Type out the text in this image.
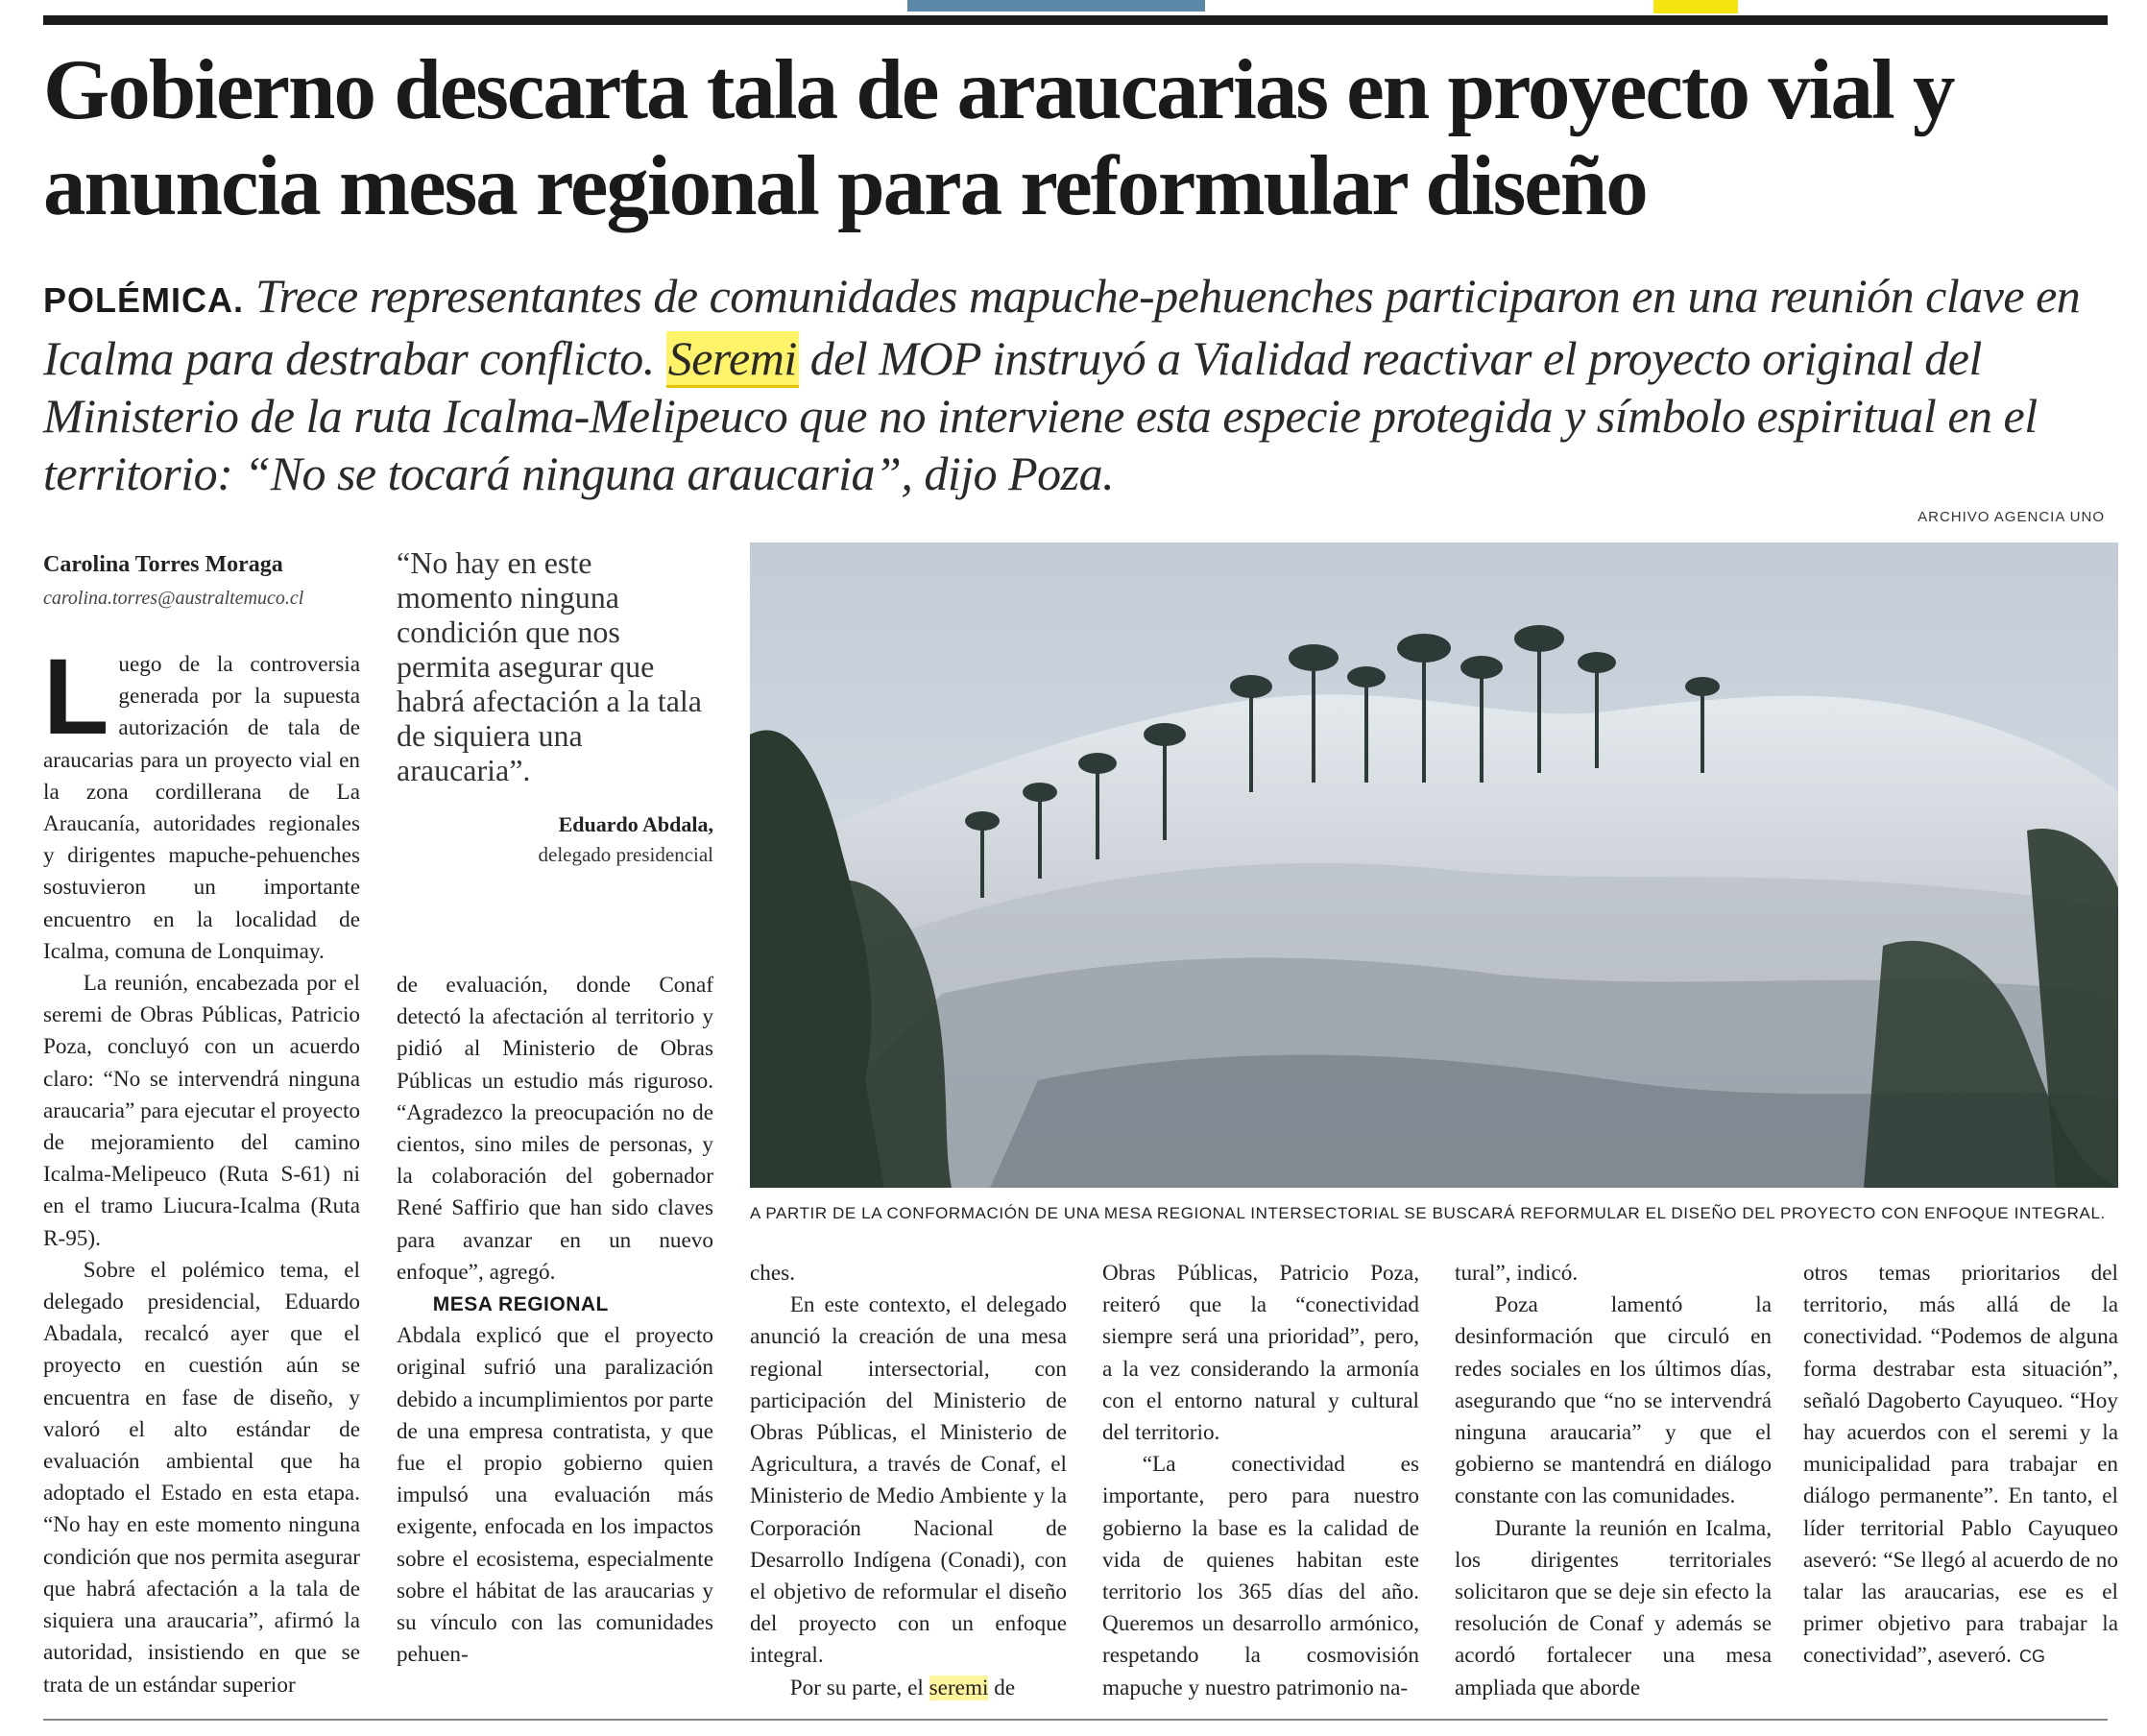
Gobierno descarta tala de araucarias en proyecto vial y anuncia mesa regional para reformular diseño

POLÉMICA. Trece representantes de comunidades mapuche-pehuenches participaron en una reunión clave en Icalma para destrabar conflicto. Seremi del MOP instruyó a Vialidad reactivar el proyecto original del Ministerio de la ruta Icalma-Melipeuco que no interviene esta especie protegida y símbolo espiritual en el territorio: “No se tocará ninguna araucaria”, dijo Poza.

Carolina Torres Moraga
carolina.torres@australtemuco.cl

Luego de la controversia generada por la supuesta autorización de tala de araucarias para un proyecto vial en la zona cordillerana de La Araucanía, autoridades regionales y dirigentes mapuche-pehuenches sostuvieron un importante encuentro en la localidad de Icalma, comuna de Lonquimay.

La reunión, encabezada por el seremi de Obras Públicas, Patricio Poza, concluyó con un acuerdo claro: “No se intervendrá ninguna araucaria” para ejecutar el proyecto de mejoramiento del camino Icalma-Melipeuco (Ruta S-61) ni en el tramo Liucura-Icalma (Ruta R-95).

Sobre el polémico tema, el delegado presidencial, Eduardo Abadala, recalcó ayer que el proyecto en cuestión aún se encuentra en fase de diseño, y valoró el alto estándar de evaluación ambiental que ha adoptado el Estado en esta etapa. “No hay en este momento ninguna condición que nos permita asegurar que habrá afectación a la tala de siquiera una araucaria”, afirmó la autoridad, insistiendo en que se trata de un estándar superior

“No hay en este momento ninguna condición que nos permita asegurar que habrá afectación a la tala de siquiera una araucaria”.

Eduardo Abdala,
delegado presidencial

de evaluación, donde Conaf detectó la afectación al territorio y pidió al Ministerio de Obras Públicas un estudio más riguroso. “Agradezco la preocupación no de cientos, sino miles de personas, y la colaboración del gobernador René Saffirio que han sido claves para avanzar en un nuevo enfoque”, agregó.

MESA REGIONAL

Abdala explicó que el proyecto original sufrió una paralización debido a incumplimientos por parte de una empresa contratista, y que fue el propio gobierno quien impulsó una evaluación más exigente, enfocada en los impactos sobre el ecosistema, especialmente sobre el hábitat de las araucarias y su vínculo con las comunidades pehuen-

ARCHIVO AGENCIA UNO
A PARTIR DE LA CONFORMACIÓN DE UNA MESA REGIONAL INTERSECTORIAL SE BUSCARÁ REFORMULAR EL DISEÑO DEL PROYECTO CON ENFOQUE INTEGRAL.

ches.

En este contexto, el delegado anunció la creación de una mesa regional intersectorial, con participación del Ministerio de Obras Públicas, el Ministerio de Agricultura, a través de Conaf, el Ministerio de Medio Ambiente y la Corporación Nacional de Desarrollo Indígena (Conadi), con el objetivo de reformular el diseño del proyecto con un enfoque integral.

Por su parte, el seremi de

Obras Públicas, Patricio Poza, reiteró que la “conectividad siempre será una prioridad”, pero, a la vez considerando la armonía con el entorno natural y cultural del territorio.

“La conectividad es importante, pero para nuestro gobierno la base es la calidad de vida de quienes habitan este territorio los 365 días del año. Queremos un desarrollo armónico, respetando la cosmovisión mapuche y nuestro patrimonio na-

tural”, indicó.

Poza lamentó la desinformación que circuló en redes sociales en los últimos días, asegurando que “no se intervendrá ninguna araucaria” y que el gobierno se mantendrá en diálogo constante con las comunidades.

Durante la reunión en Icalma, los dirigentes territoriales solicitaron que se deje sin efecto la resolución de Conaf y además se acordó fortalecer una mesa ampliada que aborde

otros temas prioritarios del territorio, más allá de la conectividad. “Podemos de alguna forma destrabar esta situación”, señaló Dagoberto Cayuqueo. “Hoy hay acuerdos con el seremi y la municipalidad para trabajar en diálogo permanente”. En tanto, el líder territorial Pablo Cayuqueo aseveró: “Se llegó al acuerdo de no talar las araucarias, ese es el primer objetivo para trabajar la conectividad”, aseveró. CG
